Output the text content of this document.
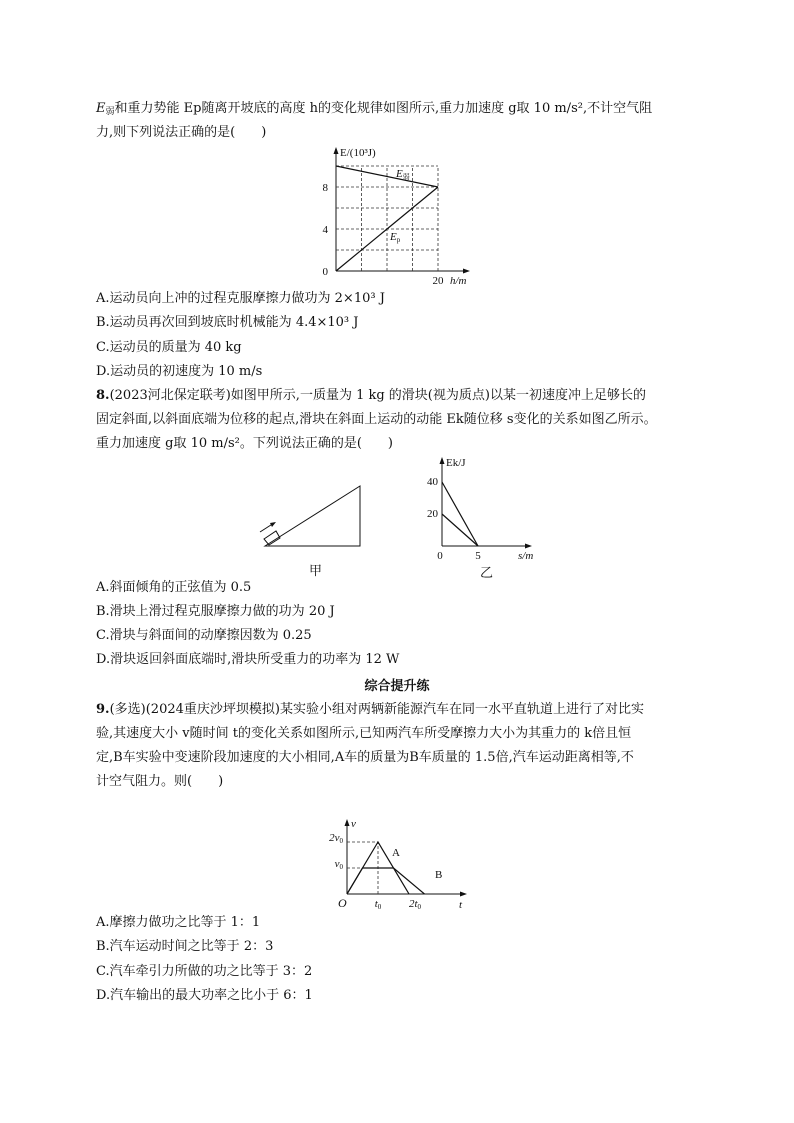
E弱和重力势能 Ep随离开坡底的高度 h的变化规律如图所示,重力加速度 g取 10 m/s²,不计空气阻
力,则下列说法正确的是(　　)
E/(10³J)
0
4
8
20 h/m
E弱
Ep
A.运动员向上冲的过程克服摩擦力做功为 2×10³ J
B.运动员再次回到坡底时机械能为 4.4×10³ J
C.运动员的质量为 40 kg
D.运动员的初速度为 10 m/s
8.(2023河北保定联考)如图甲所示,一质量为 1 kg 的滑块(视为质点)以某一初速度冲上足够长的
固定斜面,以斜面底端为位移的起点,滑块在斜面上运动的动能 Ek随位移 s变化的关系如图乙所示。
重力加速度 g取 10 m/s²。下列说法正确的是(　　)
甲
Ek/J
40
20
0	5	s/m
乙
A.斜面倾角的正弦值为 0.5
B.滑块上滑过程克服摩擦力做的功为 20 J
C.滑块与斜面间的动摩擦因数为 0.25
D.滑块返回斜面底端时,滑块所受重力的功率为 12 W
综合提升练
9.(多选)(2024重庆沙坪坝模拟)某实验小组对两辆新能源汽车在同一水平直轨道上进行了对比实
验,其速度大小 v随时间 t的变化关系如图所示,已知两汽车所受摩擦力大小为其重力的 k倍且恒
定,B车实验中变速阶段加速度的大小相同,A车的质量为B车质量的 1.5倍,汽车运动距离相等,不
计空气阻力。则(　　)
v
t
O
2v0
v0
t0	2t0
A
B
A.摩擦力做功之比等于 1：1
B.汽车运动时间之比等于 2：3
C.汽车牵引力所做的功之比等于 3：2
D.汽车输出的最大功率之比小于 6：1
